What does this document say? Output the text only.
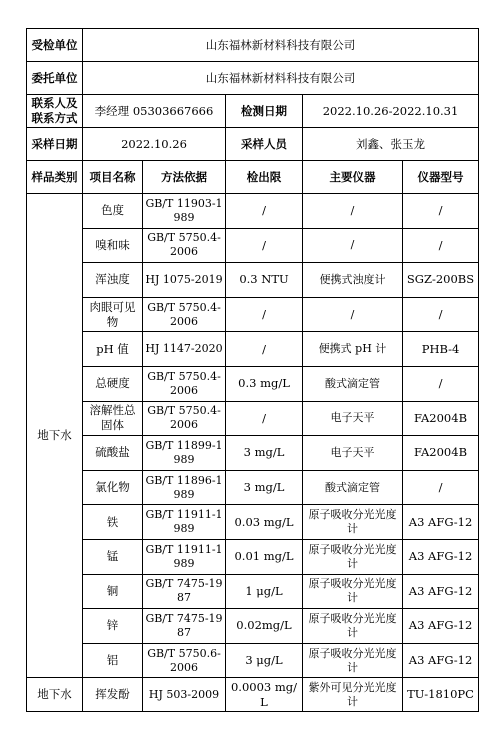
受检单位	山东福林新材料科技有限公司				
委托单位	山东福林新材料科技有限公司				
联系人及联系方式	李经理 05303667666		检测日期	2022.10.26-2022.10.31	
采样日期	2022.10.26		采样人员	刘鑫、张玉龙	
样品类别	项目名称	方法依据	检出限	主要仪器	仪器型号
地下水	色度	GB/T 11903-1989	/	/	/
	嗅和味	GB/T 5750.4-2006	/	/	/
	浑浊度	HJ 1075-2019	0.3 NTU	便携式浊度计	SGZ-200BS
	肉眼可见物	GB/T 5750.4-2006	/	/	/
	pH 值	HJ 1147-2020	/	便携式 pH 计	PHB-4
	总硬度	GB/T 5750.4-2006	0.3 mg/L	酸式滴定管	/
	溶解性总固体	GB/T 5750.4-2006	/	电子天平	FA2004B
	硫酸盐	GB/T 11899-1989	3 mg/L	电子天平	FA2004B
	氯化物	GB/T 11896-1989	3 mg/L	酸式滴定管	/
	铁	GB/T 11911-1989	0.03 mg/L	原子吸收分光光度计	A3 AFG-12
	锰	GB/T 11911-1989	0.01 mg/L	原子吸收分光光度计	A3 AFG-12
	铜	GB/T 7475-1987	1 μg/L	原子吸收分光光度计	A3 AFG-12
	锌	GB/T 7475-1987	0.02mg/L	原子吸收分光光度计	A3 AFG-12
	铝	GB/T 5750.6-2006	3 μg/L	原子吸收分光光度计	A3 AFG-12
地下水	挥发酚	HJ 503-2009	0.0003 mg/L	紫外可见分光光度计	TU-1810PC
